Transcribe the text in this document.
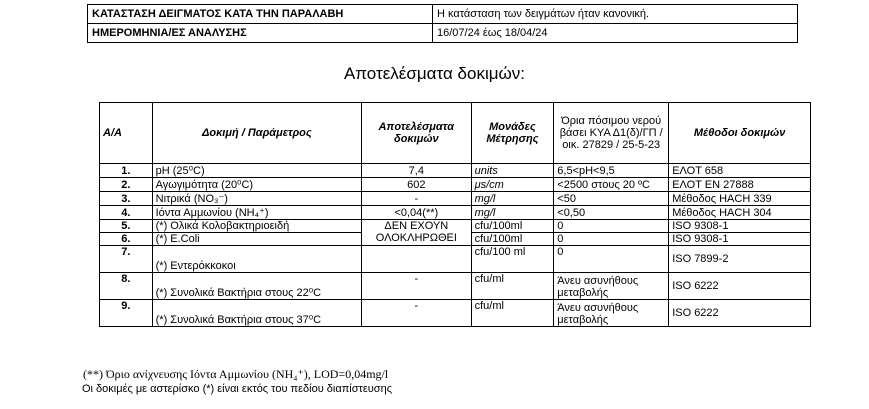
ΚΑΤΑΣΤΑΣΗ ΔΕΙΓΜΑΤΟΣ ΚΑΤΑ ΤΗΝ ΠΑΡΑΛΑΒΗ	Η κατάσταση των δειγμάτων ήταν κανονική.
ΗΜΕΡΟΜΗΝΙΑ/ΕΣ ΑΝΑΛΥΣΗΣ	16/07/24 έως 18/04/24
Αποτελέσματα δοκιμών:
Α/Α	Δοκιμή / Παράμετρος	Αποτελέσματα δοκιμών	Μονάδες Μέτρησης	Όρια πόσιμου νερού βάσει ΚΥΑ Δ1(δ)/ΓΠ / οικ. 27829 / 25-5-23	Μέθοδοι δοκιμών
1.	pH (25⁰C)	7,4	units	6,5<pH<9,5	ΕΛΟΤ 658
2.	Αγωγιμότητα (20⁰C)	602	μs/cm	<2500 στους 20 ºC	ΕΛΟΤ ΕΝ 27888
3.	Νιτρικά (NO₃⁻)	-	mg/l	<50	Μέθοδος HACH 339
4.	Ιόντα Αμμωνίου (NH₄⁺)	<0,04(**)	mg/l	<0,50	Μέθοδος HACH 304
5.	(*) Ολικά Κολοβακτηριοειδή	ΔΕΝ ΕΧΟΥΝ ΟΛΟΚΛΗΡΩΘΕΙ	cfu/100ml	0	ISO 9308-1
6.	(*) E.Coli		cfu/100ml	0	ISO 9308-1
7.	(*) Εντερόκκοκοι		cfu/100 ml	0	ISO 7899-2
8.	(*) Συνολικά Βακτήρια στους 22⁰C	-	cfu/ml	Άνευ ασυνήθους μεταβολής	ISO 6222
9.	(*) Συνολικά Βακτήρια στους 37⁰C	-	cfu/ml	Άνευ ασυνήθους μεταβολής	ISO 6222
(**) Όριο ανίχνευσης Ιόντα Αμμωνίου (NH₄⁺), LOD=0,04mg/l
Οι δοκιμές με αστερίσκο (*) είναι εκτός του πεδίου διαπίστευσης
